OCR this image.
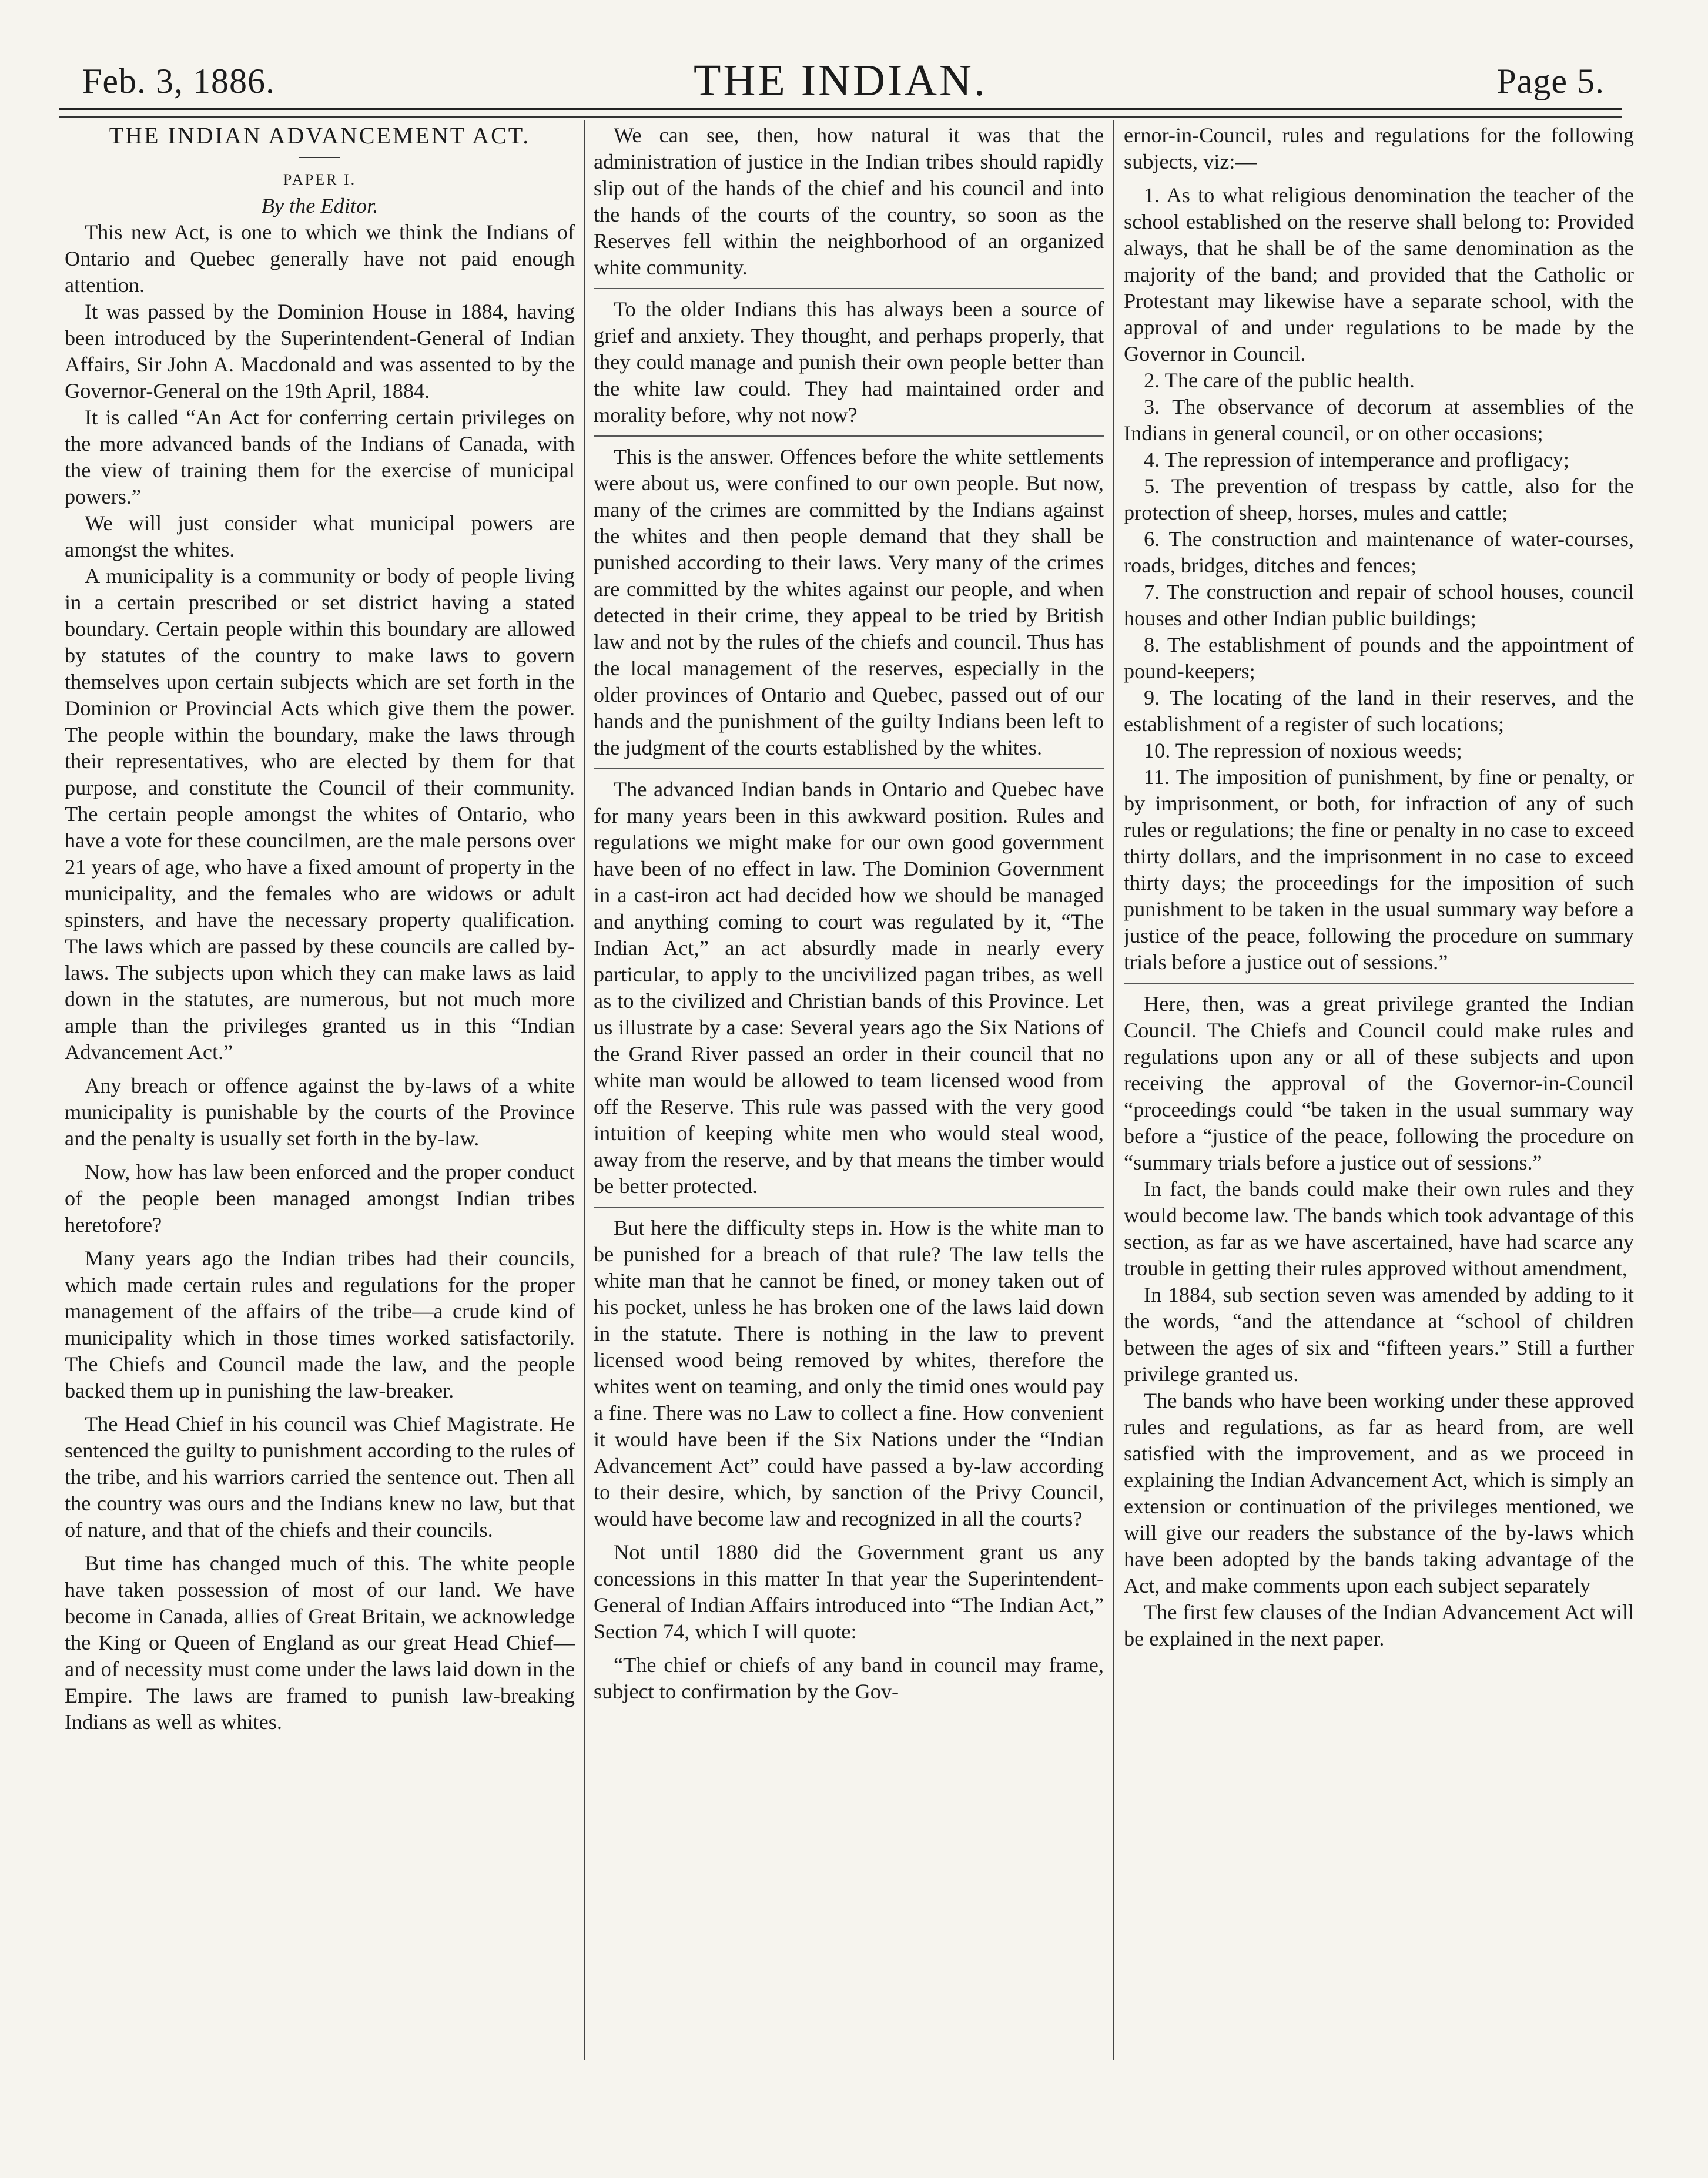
Feb. 3, 1886.	THE INDIAN.	Page 5.

THE INDIAN ADVANCEMENT ACT.

PAPER I.

By the Editor.

This new Act, is one to which we think the Indians of Ontario and Quebec generally have not paid enough attention.

It was passed by the Dominion House in 1884, having been introduced by the Superintendent-General of Indian Affairs, Sir John A. Macdonald and was assented to by the Governor-General on the 19th April, 1884.

It is called “An Act for conferring certain privileges on the more advanced bands of the Indians of Canada, with the view of training them for the exercise of municipal powers.”

We will just consider what municipal powers are amongst the whites.

A municipality is a community or body of people living in a certain prescribed or set district having a stated boundary. Certain people within this boundary are allowed by statutes of the country to make laws to govern themselves upon certain subjects which are set forth in the Dominion or Provincial Acts which give them the power. The people within the boundary, make the laws through their representatives, who are elected by them for that purpose, and constitute the Council of their community. The certain people amongst the whites of Ontario, who have a vote for these councilmen, are the male persons over 21 years of age, who have a fixed amount of property in the municipality, and the females who are widows or adult spinsters, and have the necessary property qualification. The laws which are passed by these councils are called by-laws. The subjects upon which they can make laws as laid down in the statutes, are numerous, but not much more ample than the privileges granted us in this “Indian Advancement Act.”

Any breach or offence against the by-laws of a white municipality is punishable by the courts of the Province and the penalty is usually set forth in the by-law.

Now, how has law been enforced and the proper conduct of the people been managed amongst Indian tribes heretofore?

Many years ago the Indian tribes had their councils, which made certain rules and regulations for the proper management of the affairs of the tribe—a crude kind of municipality which in those times worked satisfactorily. The Chiefs and Council made the law, and the people backed them up in punishing the law-breaker.

The Head Chief in his council was Chief Magistrate. He sentenced the guilty to punishment according to the rules of the tribe, and his warriors carried the sentence out. Then all the country was ours and the Indians knew no law, but that of nature, and that of the chiefs and their councils.

But time has changed much of this. The white people have taken possession of most of our land. We have become in Canada, allies of Great Britain, we acknowledge the King or Queen of England as our great Head Chief—and of necessity must come under the laws laid down in the Empire. The laws are framed to punish law-breaking Indians as well as whites.

We can see, then, how natural it was that the administration of justice in the Indian tribes should rapidly slip out of the hands of the chief and his council and into the hands of the courts of the country, so soon as the Reserves fell within the neighborhood of an organized white community.

To the older Indians this has always been a source of grief and anxiety. They thought, and perhaps properly, that they could manage and punish their own people better than the white law could. They had maintained order and morality before, why not now?

This is the answer. Offences before the white settlements were about us, were confined to our own people. But now, many of the crimes are committed by the Indians against the whites and then people demand that they shall be punished according to their laws. Very many of the crimes are committed by the whites against our people, and when detected in their crime, they appeal to be tried by British law and not by the rules of the chiefs and council. Thus has the local management of the reserves, especially in the older provinces of Ontario and Quebec, passed out of our hands and the punishment of the guilty Indians been left to the judgment of the courts established by the whites.

The advanced Indian bands in Ontario and Quebec have for many years been in this awkward position. Rules and regulations we might make for our own good government have been of no effect in law. The Dominion Government in a cast-iron act had decided how we should be managed and anything coming to court was regulated by it, “The Indian Act,” an act absurdly made in nearly every particular, to apply to the uncivilized pagan tribes, as well as to the civilized and Christian bands of this Province. Let us illustrate by a case: Several years ago the Six Nations of the Grand River passed an order in their council that no white man would be allowed to team licensed wood from off the Reserve. This rule was passed with the very good intuition of keeping white men who would steal wood, away from the reserve, and by that means the timber would be better protected.

But here the difficulty steps in. How is the white man to be punished for a breach of that rule? The law tells the white man that he cannot be fined, or money taken out of his pocket, unless he has broken one of the laws laid down in the statute. There is nothing in the law to prevent licensed wood being removed by whites, therefore the whites went on teaming, and only the timid ones would pay a fine. There was no Law to collect a fine. How convenient it would have been if the Six Nations under the “Indian Advancement Act” could have passed a by-law according to their desire, which, by sanction of the Privy Council, would have become law and recognized in all the courts?

Not until 1880 did the Government grant us any concessions in this matter In that year the Superintendent-General of Indian Affairs introduced into “The Indian Act,” Section 74, which I will quote:

“The chief or chiefs of any band in council may frame, subject to confirmation by the Gov-

ernor-in-Council, rules and regulations for the following subjects, viz:—

1. As to what religious denomination the teacher of the school established on the reserve shall belong to: Provided always, that he shall be of the same denomination as the majority of the band; and provided that the Catholic or Protestant may likewise have a separate school, with the approval of and under regulations to be made by the Governor in Council.

2. The care of the public health.

3. The observance of decorum at assemblies of the Indians in general council, or on other occasions;

4. The repression of intemperance and profligacy;

5. The prevention of trespass by cattle, also for the protection of sheep, horses, mules and cattle;

6. The construction and maintenance of water-courses, roads, bridges, ditches and fences;

7. The construction and repair of school houses, council houses and other Indian public buildings;

8. The establishment of pounds and the appointment of pound-keepers;

9. The locating of the land in their reserves, and the establishment of a register of such locations;

10. The repression of noxious weeds;

11. The imposition of punishment, by fine or penalty, or by imprisonment, or both, for infraction of any of such rules or regulations; the fine or penalty in no case to exceed thirty dollars, and the imprisonment in no case to exceed thirty days; the proceedings for the imposition of such punishment to be taken in the usual summary way before a justice of the peace, following the procedure on summary trials before a justice out of sessions.”

Here, then, was a great privilege granted the Indian Council. The Chiefs and Council could make rules and regulations upon any or all of these subjects and upon receiving the approval of the Governor-in-Council “proceedings could “be taken in the usual summary way before a “justice of the peace, following the procedure on “summary trials before a justice out of sessions.”

In fact, the bands could make their own rules and they would become law. The bands which took advantage of this section, as far as we have ascertained, have had scarce any trouble in getting their rules approved without amendment,

In 1884, sub section seven was amended by adding to it the words, “and the attendance at “school of children between the ages of six and “fifteen years.” Still a further privilege granted us.

The bands who have been working under these approved rules and regulations, as far as heard from, are well satisfied with the improvement, and as we proceed in explaining the Indian Advancement Act, which is simply an extension or continuation of the privileges mentioned, we will give our readers the substance of the by-laws which have been adopted by the bands taking advantage of the Act, and make comments upon each subject separately

The first few clauses of the Indian Advancement Act will be explained in the next paper.
